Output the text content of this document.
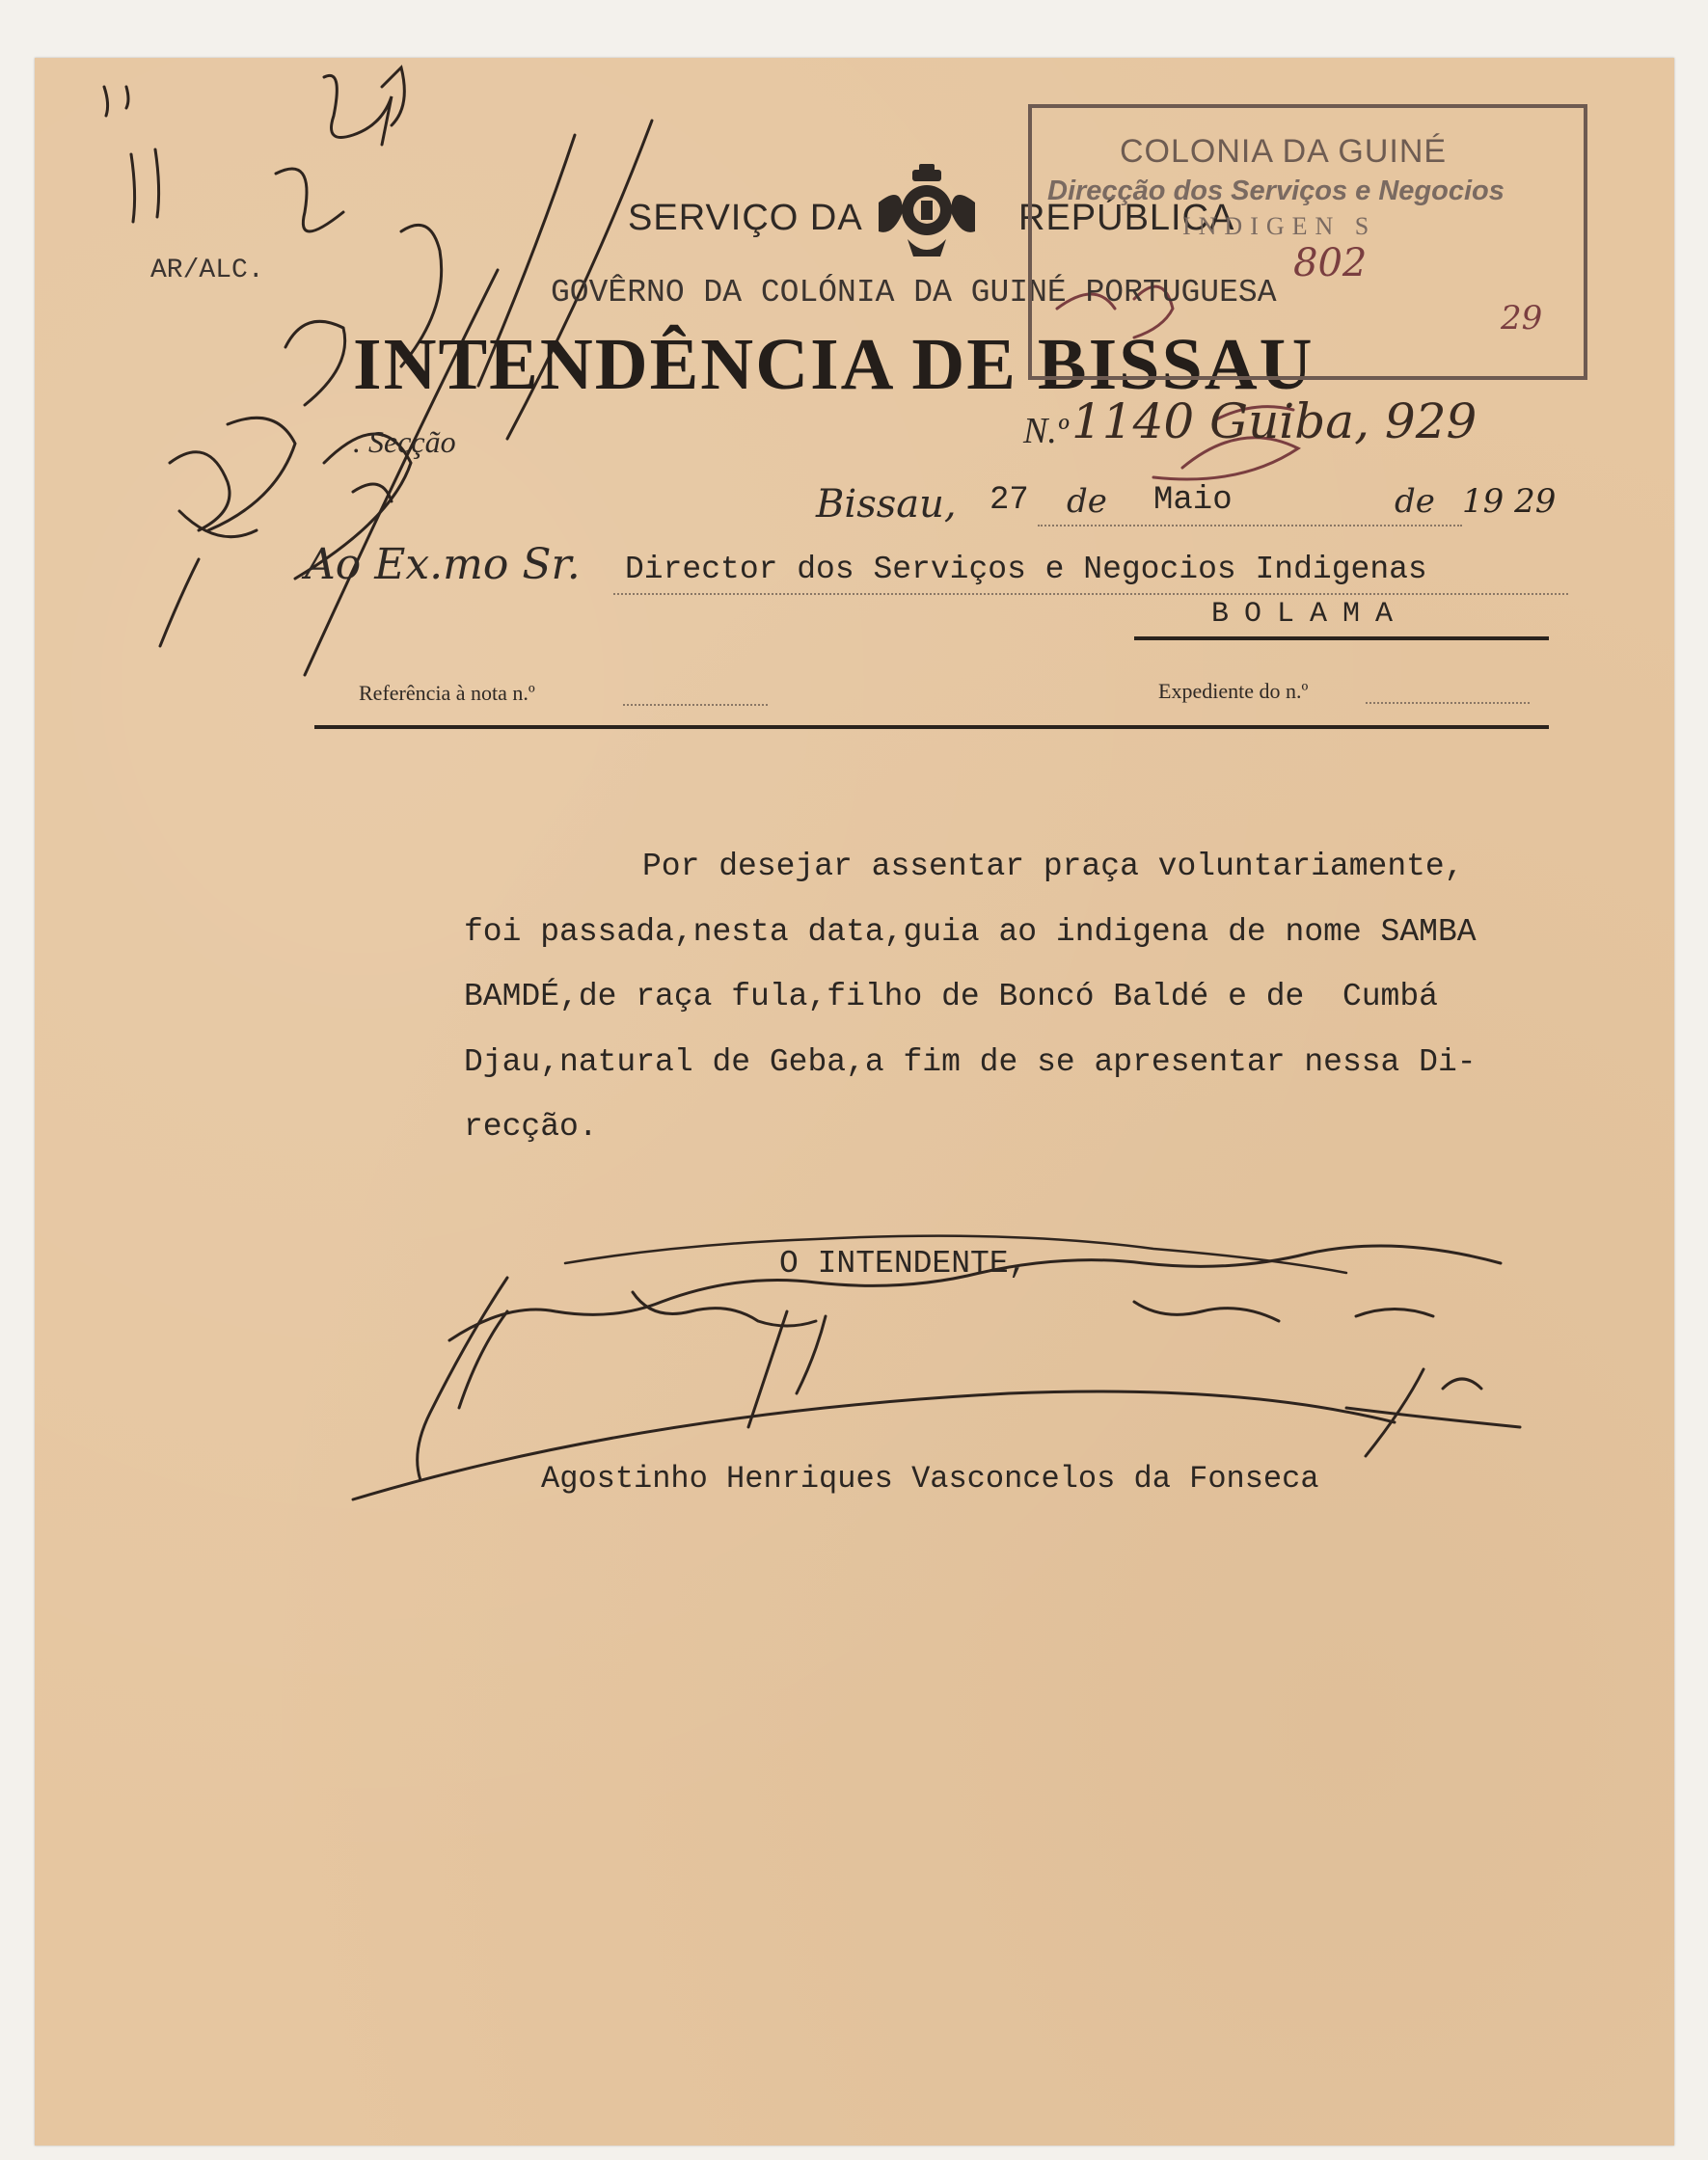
AR/ALC.
SERVIÇO DA	REPÚBLICA
GOVÊRNO DA COLÓNIA DA GUINÉ PORTUGUESA
INTENDÊNCIA DE BISSAU
COLONIA DA GUINÉ
Direcção dos Serviços e Negocios
INDIGEN S
802
29
. Secção	N.º 1140 Guiba, 929
Bissau, 27 de Maio	de 19 29
Ao Ex.mo Sr. Director dos Serviços e Negocios Indigenas
BOLAMA
Referência à nota n.º	Expediente do n.º
Por desejar assentar praça voluntariamente,
foi passada,nesta data,guia ao indigena de nome SAMBA
BAMDÉ,de raça fula,filho de Boncó Baldé e de  Cumbá
Djau,natural de Geba,a fim de se apresentar nessa Di-
recção.
O INTENDENTE,
Agostinho Henriques Vasconcelos da Fonseca
